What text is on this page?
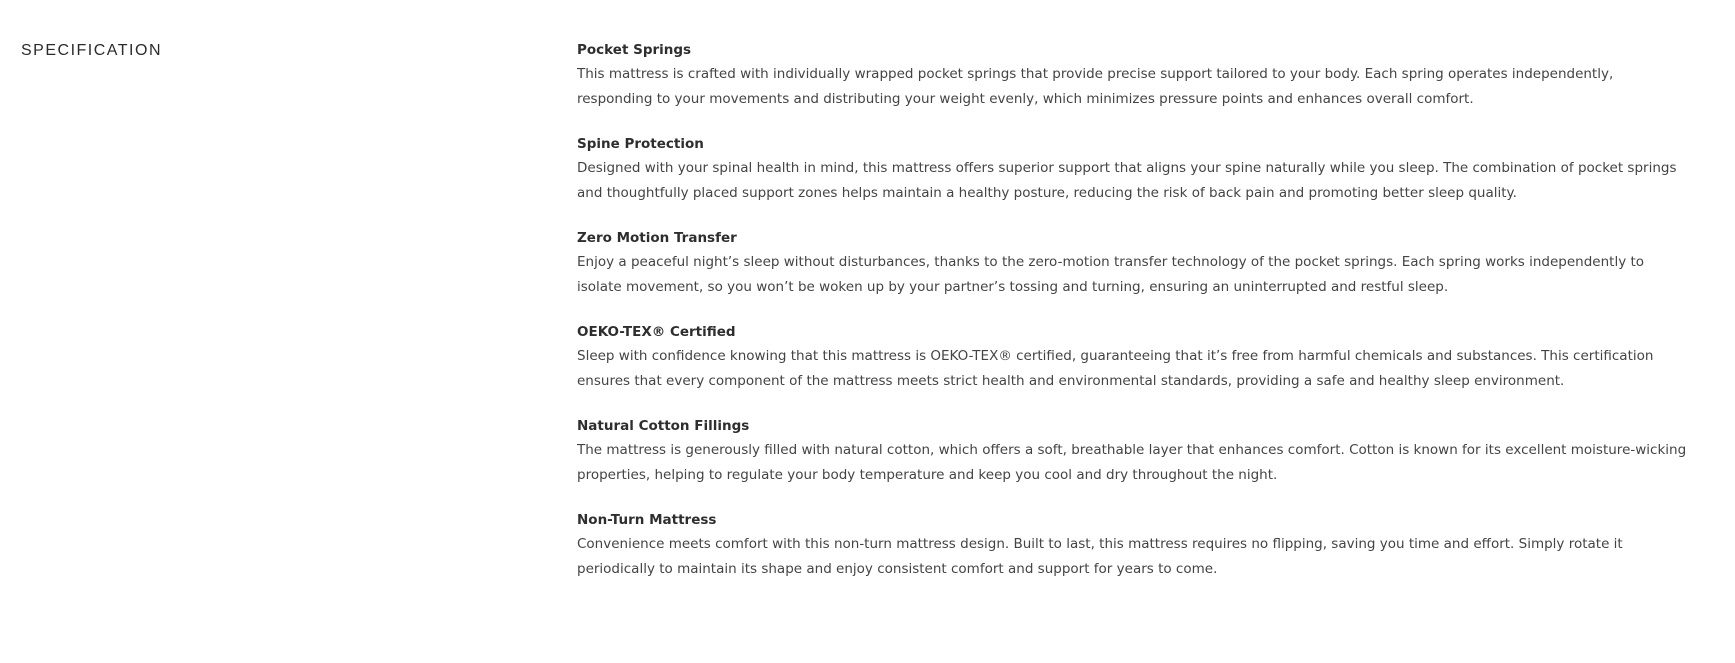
SPECIFICATION	Pocket Springs
This mattress is crafted with individually wrapped pocket springs that provide precise support tailored to your body. Each spring operates independently, responding to your movements and distributing your weight evenly, which minimizes pressure points and enhances overall comfort.
Spine Protection
Designed with your spinal health in mind, this mattress offers superior support that aligns your spine naturally while you sleep. The combination of pocket springs and thoughtfully placed support zones helps maintain a healthy posture, reducing the risk of back pain and promoting better sleep quality.
Zero Motion Transfer
Enjoy a peaceful night’s sleep without disturbances, thanks to the zero-motion transfer technology of the pocket springs. Each spring works independently to isolate movement, so you won’t be woken up by your partner’s tossing and turning, ensuring an uninterrupted and restful sleep.
OEKO-TEX® Certified
Sleep with confidence knowing that this mattress is OEKO-TEX® certified, guaranteeing that it’s free from harmful chemicals and substances. This certification ensures that every component of the mattress meets strict health and environmental standards, providing a safe and healthy sleep environment.
Natural Cotton Fillings
The mattress is generously filled with natural cotton, which offers a soft, breathable layer that enhances comfort. Cotton is known for its excellent moisture-wicking properties, helping to regulate your body temperature and keep you cool and dry throughout the night.
Non-Turn Mattress
Convenience meets comfort with this non-turn mattress design. Built to last, this mattress requires no flipping, saving you time and effort. Simply rotate it periodically to maintain its shape and enjoy consistent comfort and support for years to come.
